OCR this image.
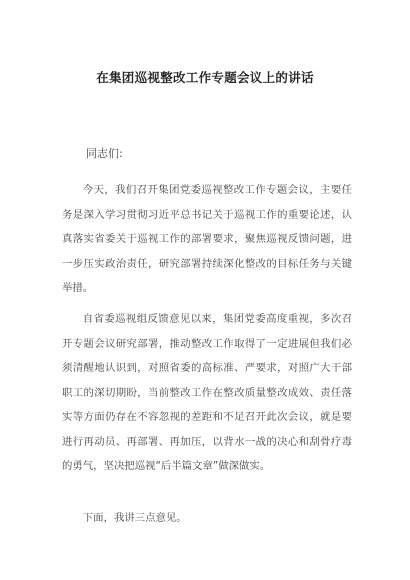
在集团巡视整改工作专题会议上的讲话
同志们:

今天，我们召开集团党委巡视整改工作专题会议，主要任务是深入学习贯彻习近平总书记关于巡视工作的重要论述，认真落实省委关于巡视工作的部署要求，聚焦巡视反馈问题，进一步压实政治责任，研究部署持续深化整改的目标任务与关键举措。

自省委巡视组反馈意见以来，集团党委高度重视，多次召开专题会议研究部署，推动整改工作取得了一定进展但我们必须清醒地认识到，对照省委的高标准、严要求，对照广大干部职工的深切期盼，当前整改工作在整改质量整改成效、责任落实等方面仍存在不容忽视的差距和不足召开此次会议，就是要进行再动员、再部署、再加压，以背水一战的决心和刮骨疗毒的勇气，坚决把巡视“后半篇文章”做深做实。

下面，我讲三点意见。
